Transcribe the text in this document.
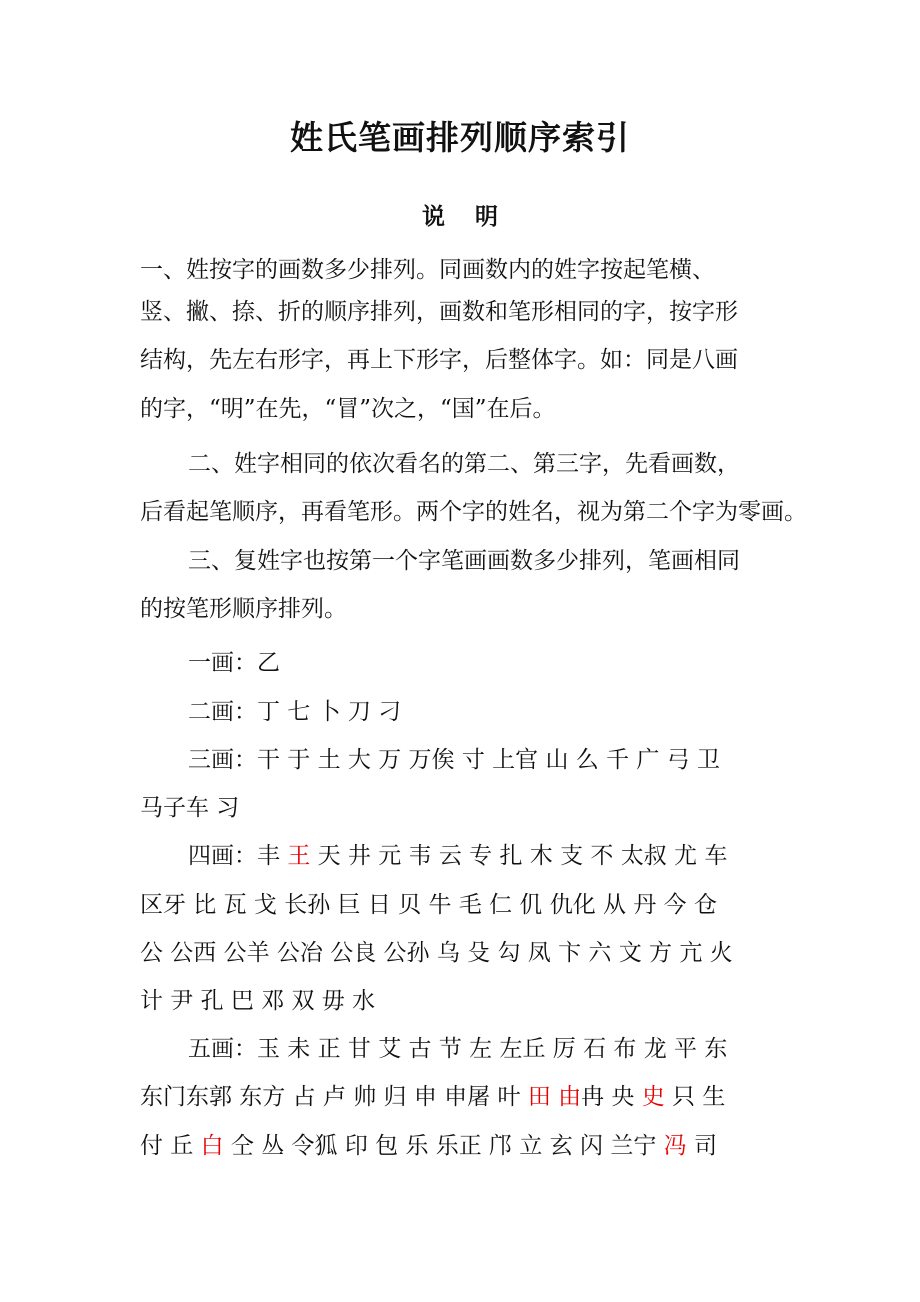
姓氏笔画排列顺序索引
说 明
一、姓按字的画数多少排列。同画数内的姓字按起笔横、
竖、撇、捺、折的顺序排列，画数和笔形相同的字，按字形
结构，先左右形字，再上下形字，后整体字。如：同是八画
的字，“明”在先，“冒”次之，“国”在后。
二、姓字相同的依次看名的第二、第三字，先看画数，
后看起笔顺序，再看笔形。两个字的姓名，视为第二个字为零画。
三、复姓字也按第一个字笔画画数多少排列，笔画相同
的按笔形顺序排列。
一画：乙
二画：丁 七 卜 刀 刁
三画：干 于 土 大 万 万俟 寸 上官 山 么 千 广 弓 卫
马子车 习
四画：丰 王 天 井 元 韦 云 专 扎 木 支 不 太叔 尤 车
区牙 比 瓦 戈 长孙 巨 日 贝 牛 毛 仁 仉 仇化 从 丹 今 仓
公 公西 公羊 公冶 公良 公孙 乌 殳 勾 凤 卞 六 文 方 亢 火
计 尹 孔 巴 邓 双 毋 水
五画：玉 未 正 甘 艾 古 节 左 左丘 厉 石 布 龙 平 东
东门东郭 东方 占 卢 帅 归 申 申屠 叶 田 由冉 央 史 只 生
付 丘 白 仝 丛 令狐 印 包 乐 乐正 邝 立 玄 闪 兰宁 冯 司
